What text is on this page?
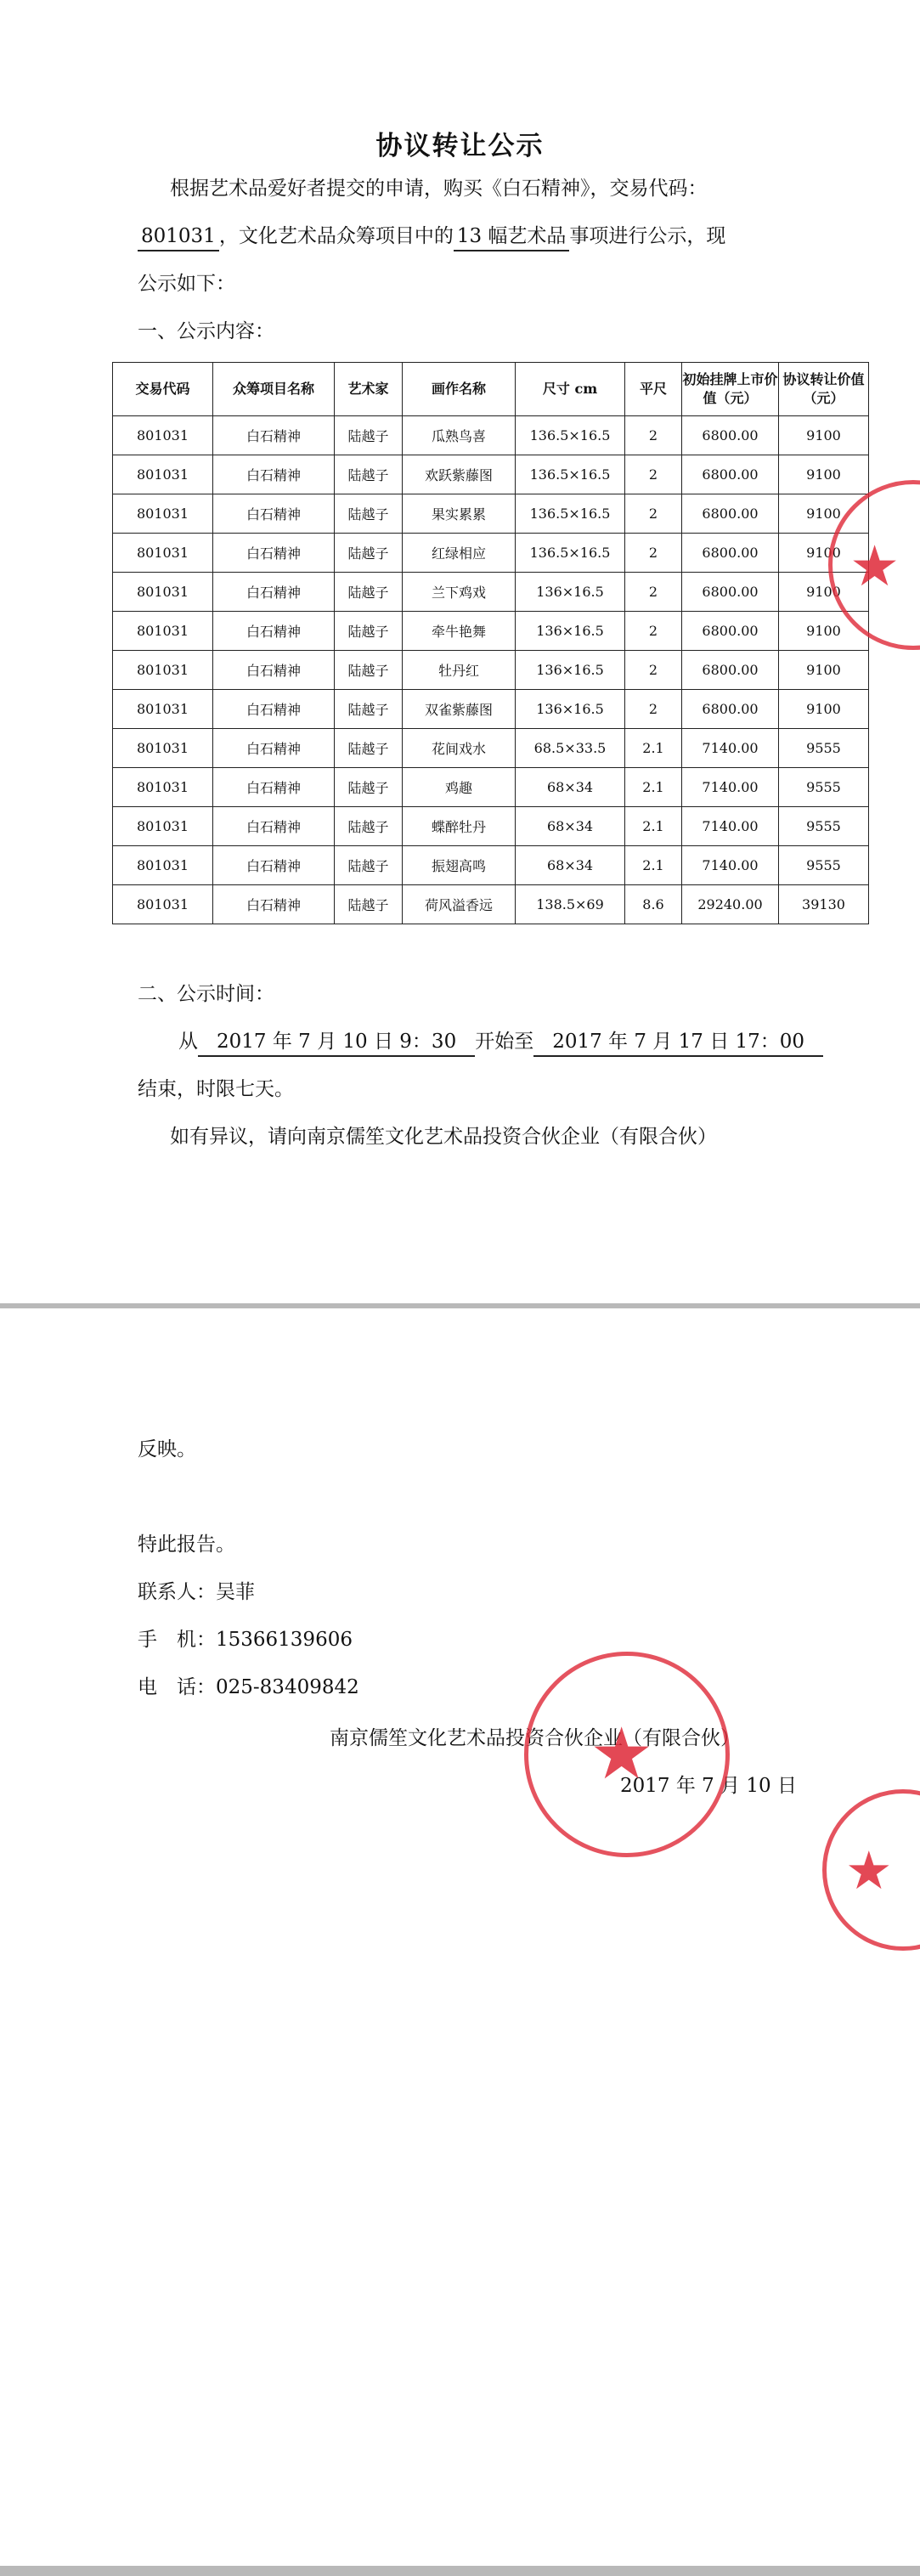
协议转让公示
根据艺术品爱好者提交的申请，购买《白石精神》，交易代码：
801031 ，文化艺术品众筹项目中的 13 幅艺术品 事项进行公示，现
公示如下：
一、公示内容：
交易代码	众筹项目名称	艺术家	画作名称	尺寸 cm	平尺	初始挂牌上市价值（元）	协议转让价值（元）
801031	白石精神	陆越子	瓜熟鸟喜	136.5×16.5	2	6800.00	9100
801031	白石精神	陆越子	欢跃紫藤图	136.5×16.5	2	6800.00	9100
801031	白石精神	陆越子	果实累累	136.5×16.5	2	6800.00	9100
801031	白石精神	陆越子	红绿相应	136.5×16.5	2	6800.00	9100
801031	白石精神	陆越子	兰下鸡戏	136×16.5	2	6800.00	9100
801031	白石精神	陆越子	牵牛艳舞	136×16.5	2	6800.00	9100
801031	白石精神	陆越子	牡丹红	136×16.5	2	6800.00	9100
801031	白石精神	陆越子	双雀紫藤图	136×16.5	2	6800.00	9100
801031	白石精神	陆越子	花间戏水	68.5×33.5	2.1	7140.00	9555
801031	白石精神	陆越子	鸡趣	68×34	2.1	7140.00	9555
801031	白石精神	陆越子	蝶醉牡丹	68×34	2.1	7140.00	9555
801031	白石精神	陆越子	振翅高鸣	68×34	2.1	7140.00	9555
801031	白石精神	陆越子	荷风溢香远	138.5×69	8.6	29240.00	39130
二、公示时间：
从 2017 年 7 月 10 日 9：30 开始至 2017 年 7 月 17 日 17：00
结束，时限七天。
如有异议，请向南京儒笙文化艺术品投资合伙企业（有限合伙）
★
反映。
特此报告。
联系人：吴菲
手　机：15366139606
电　话：025-83409842
南京儒笙文化艺术品投资合伙企业（有限合伙）
2017 年 7 月 10 日
★
★
